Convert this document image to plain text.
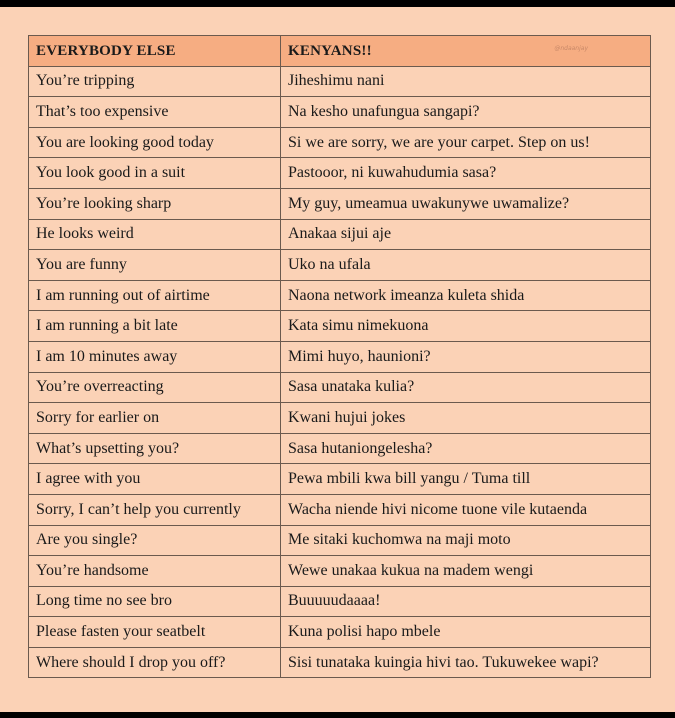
EVERYBODY ELSE	KENYANS!! @ndaanjay

You’re tripping	Jiheshimu nani
That’s too expensive	Na kesho unafungua sangapi?
You are looking good today	Si we are sorry, we are your carpet. Step on us!
You look good in a suit	Pastooor, ni kuwahudumia sasa?
You’re looking sharp	My guy, umeamua uwakunywe uwamalize?
He looks weird	Anakaa sijui aje
You are funny	Uko na ufala
I am running out of airtime	Naona network imeanza kuleta shida
I am running a bit late	Kata simu nimekuona
I am 10 minutes away	Mimi huyo, haunioni?
You’re overreacting	Sasa unataka kulia?
Sorry for earlier on	Kwani hujui jokes
What’s upsetting you?	Sasa hutaniongelesha?
I agree with you	Pewa mbili kwa bill yangu / Tuma till
Sorry, I can’t help you currently	Wacha niende hivi nicome tuone vile kutaenda
Are you single?	Me sitaki kuchomwa na maji moto
You’re handsome	Wewe unakaa kukua na madem wengi
Long time no see bro	Buuuuudaaaa!
Please fasten your seatbelt	Kuna polisi hapo mbele
Where should I drop you off?	Sisi tunataka kuingia hivi tao. Tukuwekee wapi?
